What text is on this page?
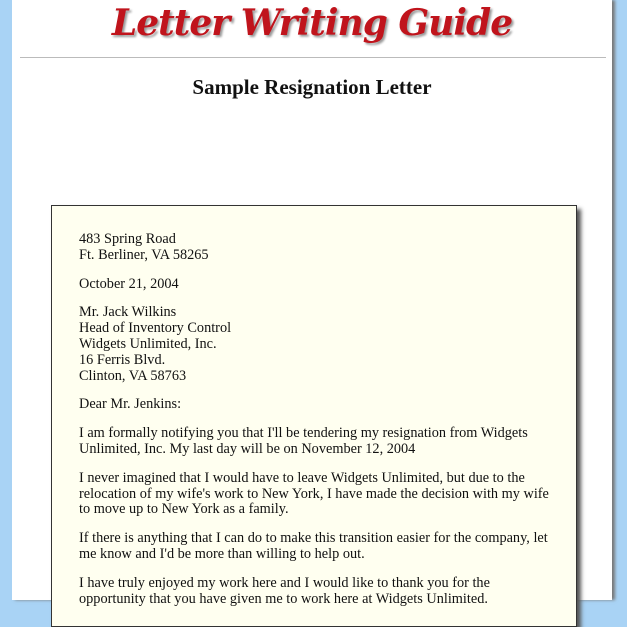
Letter Writing Guide
Sample Resignation Letter

483 Spring Road
Ft. Berliner, VA 58265

October 21, 2004

Mr. Jack Wilkins
Head of Inventory Control
Widgets Unlimited, Inc.
16 Ferris Blvd.
Clinton, VA 58763

Dear Mr. Jenkins:

I am formally notifying you that I'll be tendering my resignation from Widgets Unlimited, Inc. My last day will be on November 12, 2004

I never imagined that I would have to leave Widgets Unlimited, but due to the relocation of my wife's work to New York, I have made the decision with my wife to move up to New York as a family.

If there is anything that I can do to make this transition easier for the company, let me know and I'd be more than willing to help out.

I have truly enjoyed my work here and I would like to thank you for the opportunity that you have given me to work here at Widgets Unlimited.
